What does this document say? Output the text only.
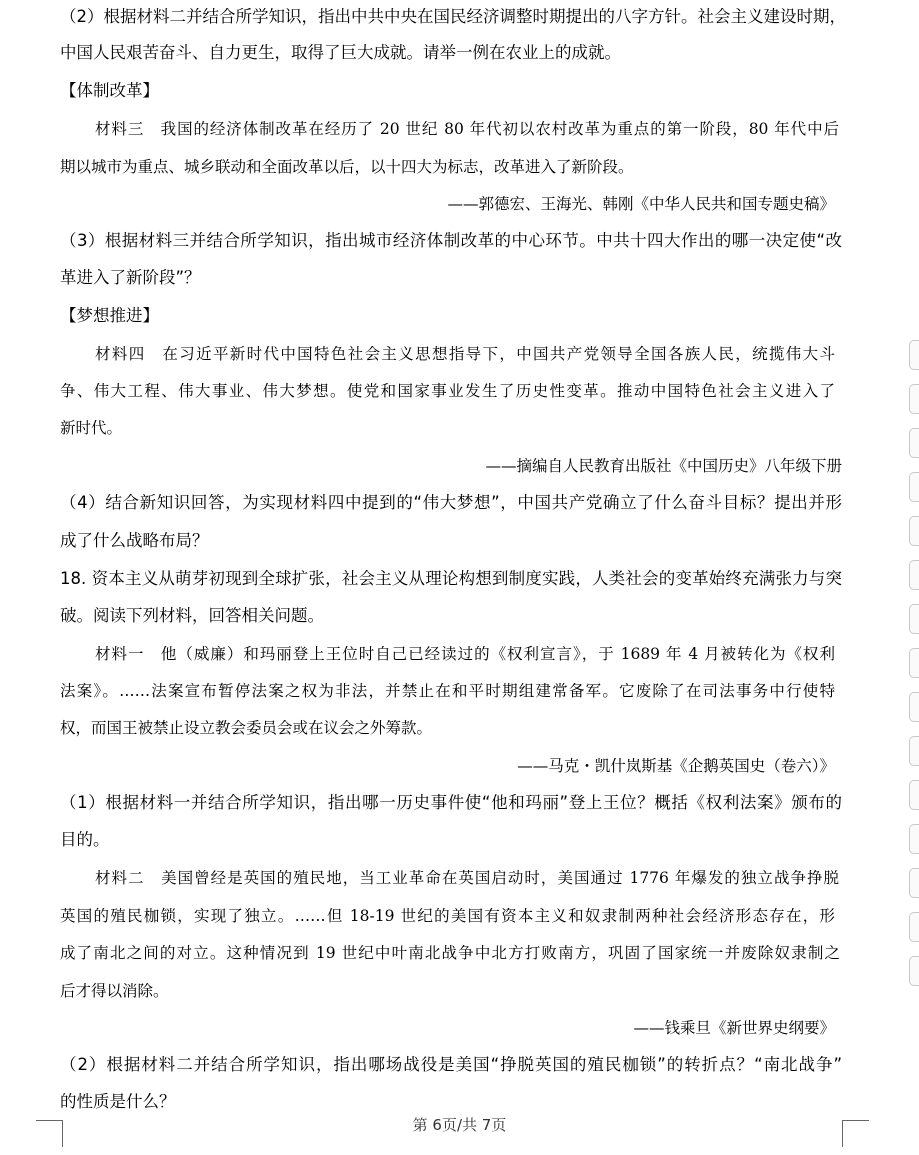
（2）根据材料二并结合所学知识，指出中共中央在国民经济调整时期提出的八字方针。社会主义建设时期，
中国人民艰苦奋斗、自力更生，取得了巨大成就。请举一例在农业上的成就。
【体制改革】
材料三　我国的经济体制改革在经历了 20 世纪 80 年代初以农村改革为重点的第一阶段，80 年代中后
期以城市为重点、城乡联动和全面改革以后，以十四大为标志，改革进入了新阶段。
——郭德宏、王海光、韩刚《中华人民共和国专题史稿》
（3）根据材料三并结合所学知识，指出城市经济体制改革的中心环节。中共十四大作出的哪一决定使“改
革进入了新阶段”？
【梦想推进】
材料四　在习近平新时代中国特色社会主义思想指导下，中国共产党领导全国各族人民，统揽伟大斗
争、伟大工程、伟大事业、伟大梦想。使党和国家事业发生了历史性变革。推动中国特色社会主义进入了
新时代。
——摘编自人民教育出版社《中国历史》八年级下册
（4）结合新知识回答，为实现材料四中提到的“伟大梦想”，中国共产党确立了什么奋斗目标？提出并形
成了什么战略布局？
18. 资本主义从萌芽初现到全球扩张，社会主义从理论构想到制度实践，人类社会的变革始终充满张力与突
破。阅读下列材料，回答相关问题。
材料一　他（威廉）和玛丽登上王位时自己已经读过的《权利宣言》，于 1689 年 4 月被转化为《权利
法案》。……法案宣布暂停法案之权为非法，并禁止在和平时期组建常备军。它废除了在司法事务中行使特
权，而国王被禁止设立教会委员会或在议会之外筹款。
——马克・凯什岚斯基《企鹅英国史（卷六）》
（1）根据材料一并结合所学知识，指出哪一历史事件使“他和玛丽”登上王位？概括《权利法案》颁布的
目的。
材料二　美国曾经是英国的殖民地，当工业革命在英国启动时，美国通过 1776 年爆发的独立战争挣脱
英国的殖民枷锁，实现了独立。……但 18-19 世纪的美国有资本主义和奴隶制两种社会经济形态存在，形
成了南北之间的对立。这种情况到 19 世纪中叶南北战争中北方打败南方，巩固了国家统一并废除奴隶制之
后才得以消除。
——钱乘旦《新世界史纲要》
（2）根据材料二并结合所学知识，指出哪场战役是美国“挣脱英国的殖民枷锁”的转折点？“南北战争”
的性质是什么？
第 6页/共 7页
